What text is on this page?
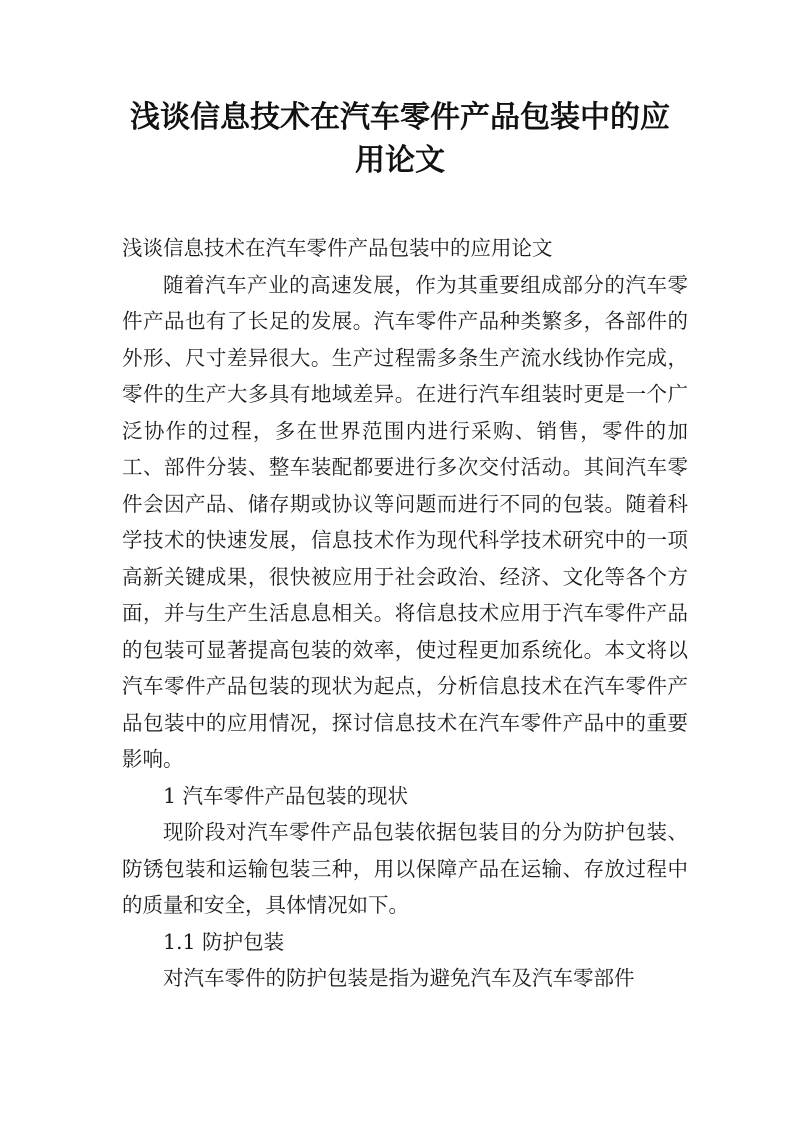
浅谈信息技术在汽车零件产品包装中的应
用论文

浅谈信息技术在汽车零件产品包装中的应用论文

随着汽车产业的高速发展，作为其重要组成部分的汽车零件产品也有了长足的发展。汽车零件产品种类繁多，各部件的外形、尺寸差异很大。生产过程需多条生产流水线协作完成，零件的生产大多具有地域差异。在进行汽车组装时更是一个广泛协作的过程，多在世界范围内进行采购、销售，零件的加工、部件分装、整车装配都要进行多次交付活动。其间汽车零件会因产品、储存期或协议等问题而进行不同的包装。随着科学技术的快速发展，信息技术作为现代科学技术研究中的一项高新关键成果，很快被应用于社会政治、经济、文化等各个方面，并与生产生活息息相关。将信息技术应用于汽车零件产品的包装可显著提高包装的效率，使过程更加系统化。本文将以汽车零件产品包装的现状为起点，分析信息技术在汽车零件产品包装中的应用情况，探讨信息技术在汽车零件产品中的重要影响。

1 汽车零件产品包装的现状

现阶段对汽车零件产品包装依据包装目的分为防护包装、防锈包装和运输包装三种，用以保障产品在运输、存放过程中的质量和安全，具体情况如下。

1.1 防护包装

对汽车零件的防护包装是指为避免汽车及汽车零部件
